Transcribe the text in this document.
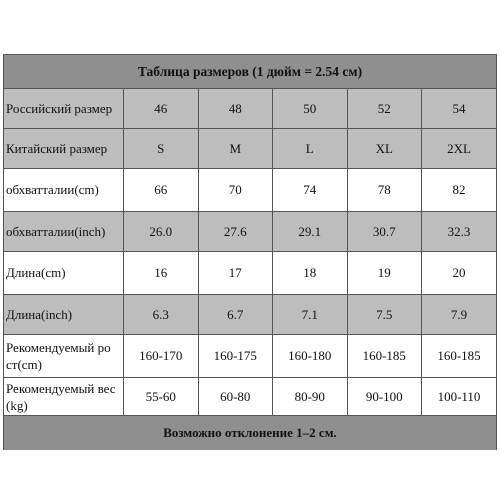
Таблица размеров (1 дюйм = 2.54 см)
Российский размер	46	48	50	52	54
Китайский размер	S	M	L	XL	2XL
обхватталии(cm)	66	70	74	78	82
обхватталии(inch)	26.0	27.6	29.1	30.7	32.3
Длина(cm)	16	17	18	19	20
Длина(inch)	6.3	6.7	7.1	7.5	7.9
Рекомендуемый ро ст(cm)	160-170	160-175	160-180	160-185	160-185
Рекомендуемый вес (kg)	55-60	60-80	80-90	90-100	100-110
Возможно отклонение 1–2 см.
